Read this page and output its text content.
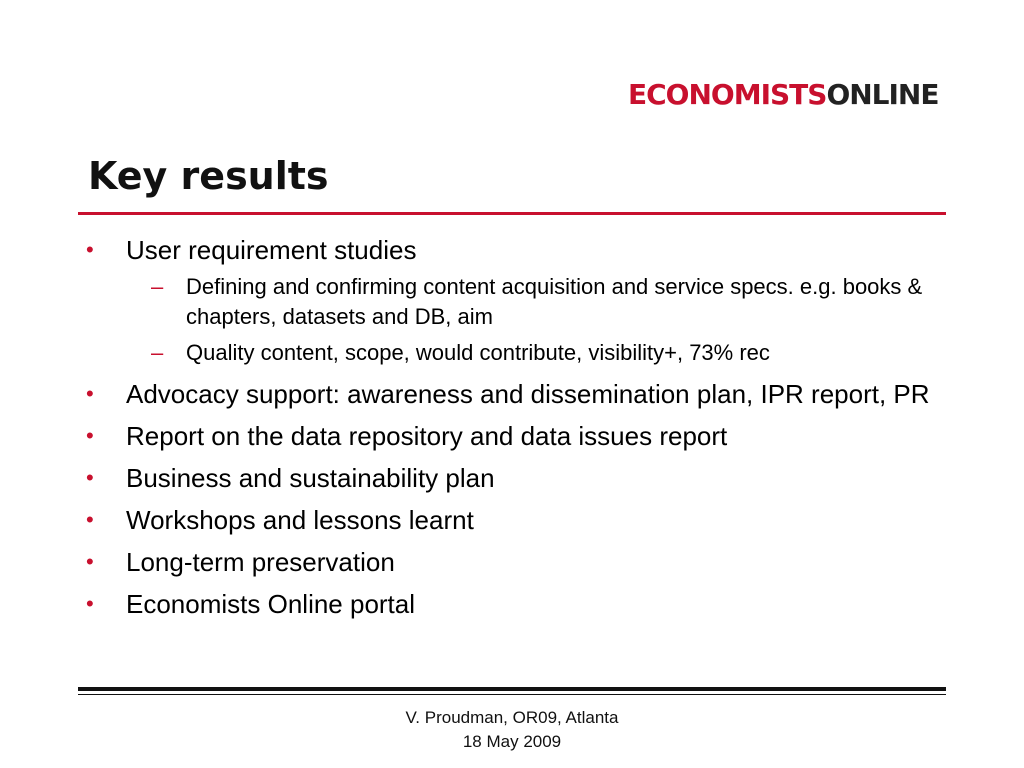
ECONOMISTSONLINE
Key results
• User requirement studies
– Defining and confirming content acquisition and service specs. e.g. books & chapters, datasets and DB, aim
– Quality content, scope, would contribute, visibility+, 73% rec
• Advocacy support: awareness and dissemination plan, IPR report, PR
• Report on the data repository and data issues report
• Business and sustainability plan
• Workshops and lessons learnt
• Long-term preservation
• Economists Online portal
V. Proudman, OR09, Atlanta
18 May 2009
